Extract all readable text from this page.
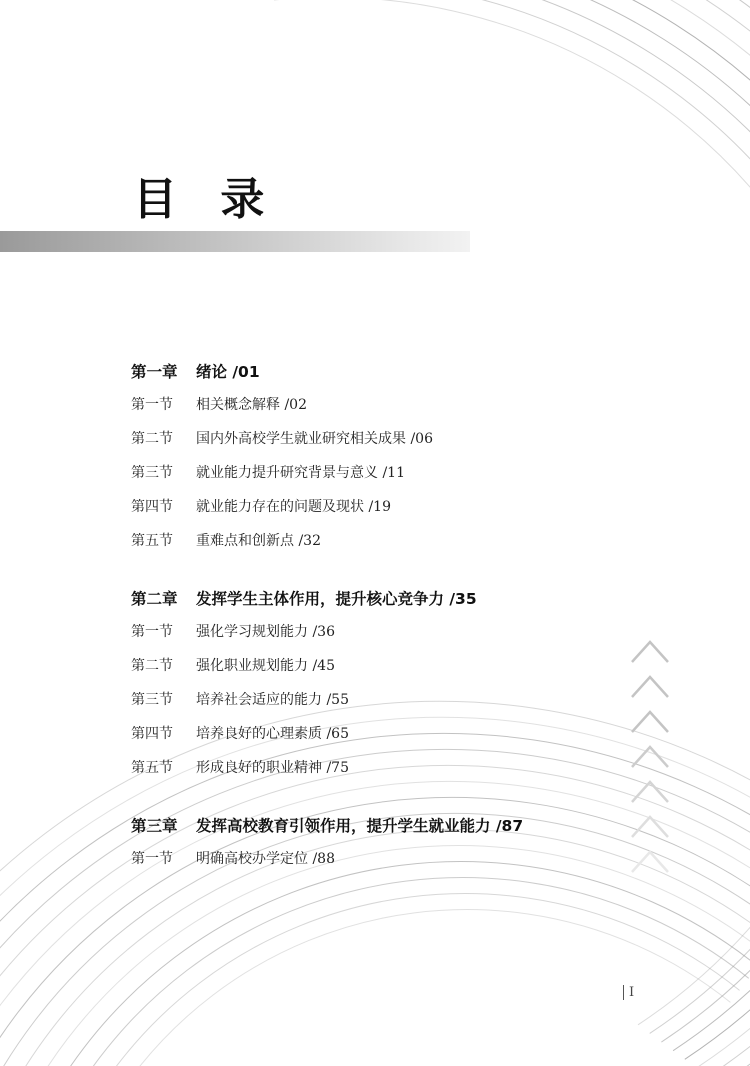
目 录
第一章	绪论 /01
第一节	相关概念解释 /02
第二节	国内外高校学生就业研究相关成果 /06
第三节	就业能力提升研究背景与意义 /11
第四节	就业能力存在的问题及现状 /19
第五节	重难点和创新点 /32
第二章	发挥学生主体作用，提升核心竞争力 /35
第一节	强化学习规划能力 /36
第二节	强化职业规划能力 /45
第三节	培养社会适应的能力 /55
第四节	培养良好的心理素质 /65
第五节	形成良好的职业精神 /75
第三章	发挥高校教育引领作用，提升学生就业能力 /87
第一节	明确高校办学定位 /88
I
